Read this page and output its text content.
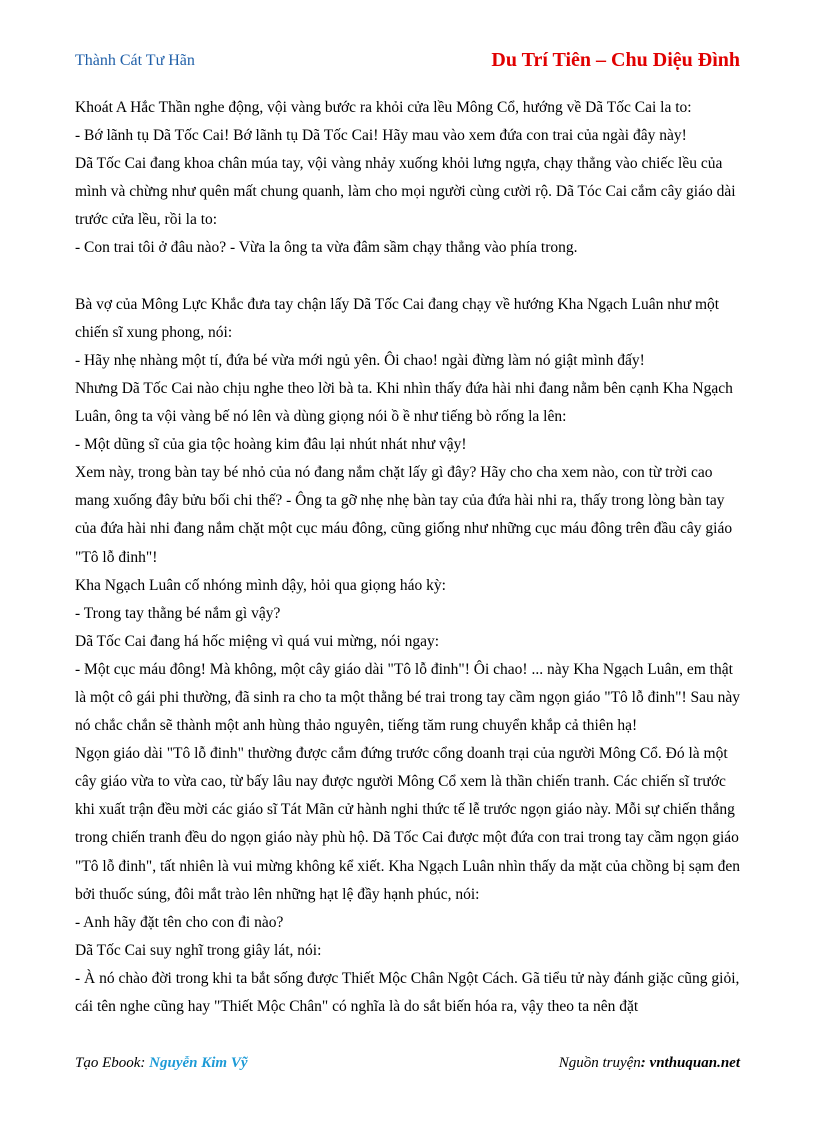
Thành Cát Tư Hãn	Du Trí Tiên – Chu Diệu Đình

Khoát A Hắc Thần nghe động, vội vàng bước ra khỏi cửa lều Mông Cổ, hướng về Dã Tốc Cai la to:

- Bớ lãnh tụ Dã Tốc Cai! Bớ lãnh tụ Dã Tốc Cai! Hãy mau vào xem đứa con trai của ngài đây này!

Dã Tốc Cai đang khoa chân múa tay, vội vàng nhảy xuống khỏi lưng ngựa, chạy thẳng vào chiếc lều của mình và chừng như quên mất chung quanh, làm cho mọi người cùng cười rộ. Dã Tóc Cai cắm cây giáo dài trước cửa lều, rồi la to:

- Con trai tôi ở đâu nào? - Vừa la ông ta vừa đâm sầm chạy thẳng vào phía trong.

Bà vợ của Mông Lực Khắc đưa tay chận lấy Dã Tốc Cai đang chạy về hướng Kha Ngạch Luân như một chiến sĩ xung phong, nói:

- Hãy nhẹ nhàng một tí, đứa bé vừa mới ngủ yên. Ôi chao! ngài đừng làm nó giật mình đấy!

Nhưng Dã Tốc Cai nào chịu nghe theo lời bà ta. Khi nhìn thấy đứa hài nhi đang nằm bên cạnh Kha Ngạch Luân, ông ta vội vàng bế nó lên và dùng giọng nói ồ ề như tiếng bò rống la lên:

- Một dũng sĩ của gia tộc hoàng kim đâu lại nhút nhát như vậy!

Xem này, trong bàn tay bé nhỏ của nó đang nắm chặt lấy gì đây? Hãy cho cha xem nào, con từ trời cao mang xuống đây bửu bối chi thế? - Ông ta gỡ nhẹ nhẹ bàn tay của đứa hài nhi ra, thấy trong lòng bàn tay của đứa hài nhi đang nắm chặt một cục máu đông, cũng giống như những cục máu đông trên đầu cây giáo "Tô lỗ đinh"!

Kha Ngạch Luân cố nhóng mình dậy, hỏi qua giọng háo kỳ:

- Trong tay thằng bé nắm gì vậy?

Dã Tốc Cai đang há hốc miệng vì quá vui mừng, nói ngay:

- Một cục máu đông! Mà không, một cây giáo dài "Tô lỗ đinh"! Ôi chao! ... này Kha Ngạch Luân, em thật là một cô gái phi thường, đã sinh ra cho ta một thằng bé trai trong tay cầm ngọn giáo "Tô lỗ đinh"! Sau này nó chắc chắn sẽ thành một anh hùng thảo nguyên, tiếng tăm rung chuyển khắp cả thiên hạ!

Ngọn giáo dài "Tô lỗ đinh" thường được cắm đứng trước cổng doanh trại của người Mông Cổ. Đó là một cây giáo vừa to vừa cao, từ bấy lâu nay được người Mông Cổ xem là thần chiến tranh. Các chiến sĩ trước khi xuất trận đều mời các giáo sĩ Tát Mãn cử hành nghi thức tế lễ trước ngọn giáo này. Mỗi sự chiến thắng trong chiến tranh đều do ngọn giáo này phù hộ. Dã Tốc Cai được một đứa con trai trong tay cầm ngọn giáo "Tô lỗ đinh", tất nhiên là vui mừng không kể xiết. Kha Ngạch Luân nhìn thấy da mặt của chồng bị sạm đen bởi thuốc súng, đôi mắt trào lên những hạt lệ đầy hạnh phúc, nói:

- Anh hãy đặt tên cho con đi nào?

Dã Tốc Cai suy nghĩ trong giây lát, nói:

- À nó chào đời trong khi ta bắt sống được Thiết Mộc Chân Ngột Cách. Gã tiểu tử này đánh giặc cũng giỏi, cái tên nghe cũng hay "Thiết Mộc Chân" có nghĩa là do sắt biến hóa ra, vậy theo ta nên đặt

Tạo Ebook: Nguyễn Kim Vỹ	Nguồn truyện: vnthuquan.net
